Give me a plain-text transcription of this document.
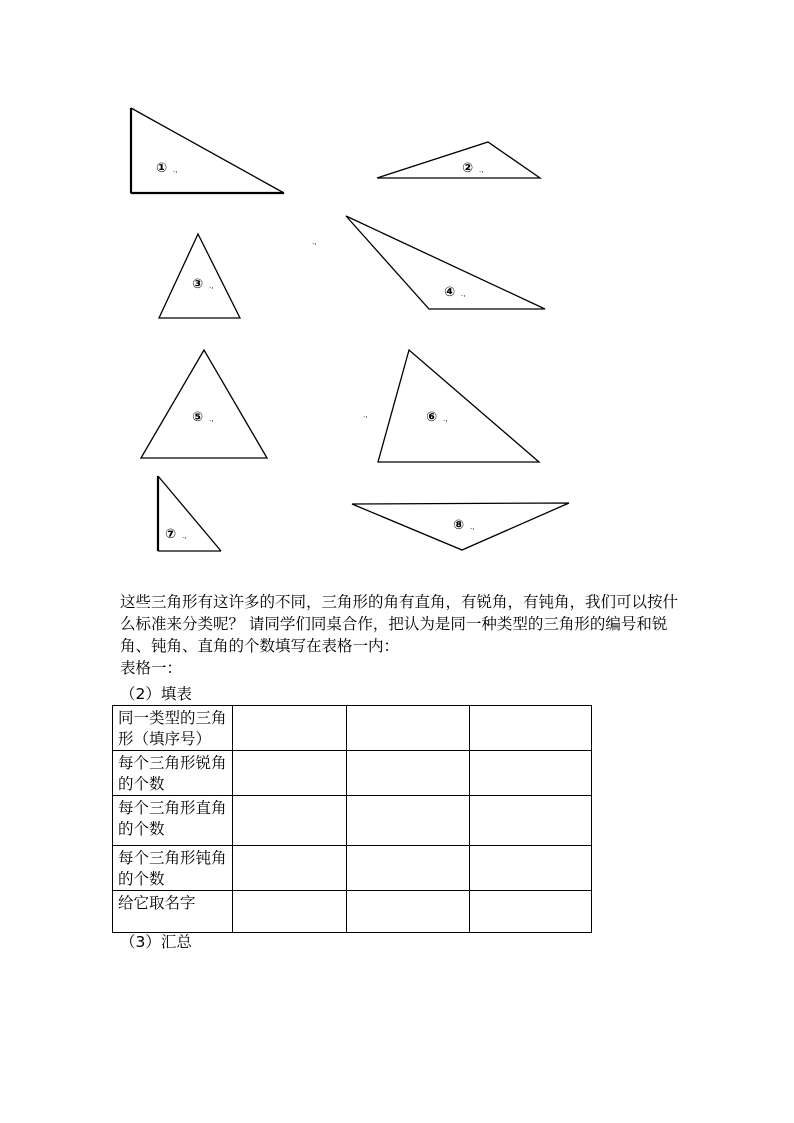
① .,	② .,
.,
③ .,	④ .,
⑤ .,	.,	⑥ .,
⑦ .,
⑧ .,
这些三角形有这许多的不同，三角形的角有直角，有锐角，有钝角，我们可以按什么标准来分类呢？ 请同学们同桌合作，把认为是同一种类型的三角形的编号和锐角、钝角、直角的个数填写在表格一内：
表格一：
（2）填表
同一类型的三角形（填序号）			
每个三角形锐角的个数			
每个三角形直角的个数			
每个三角形钝角的个数			
给它取名字			
（3）汇总
